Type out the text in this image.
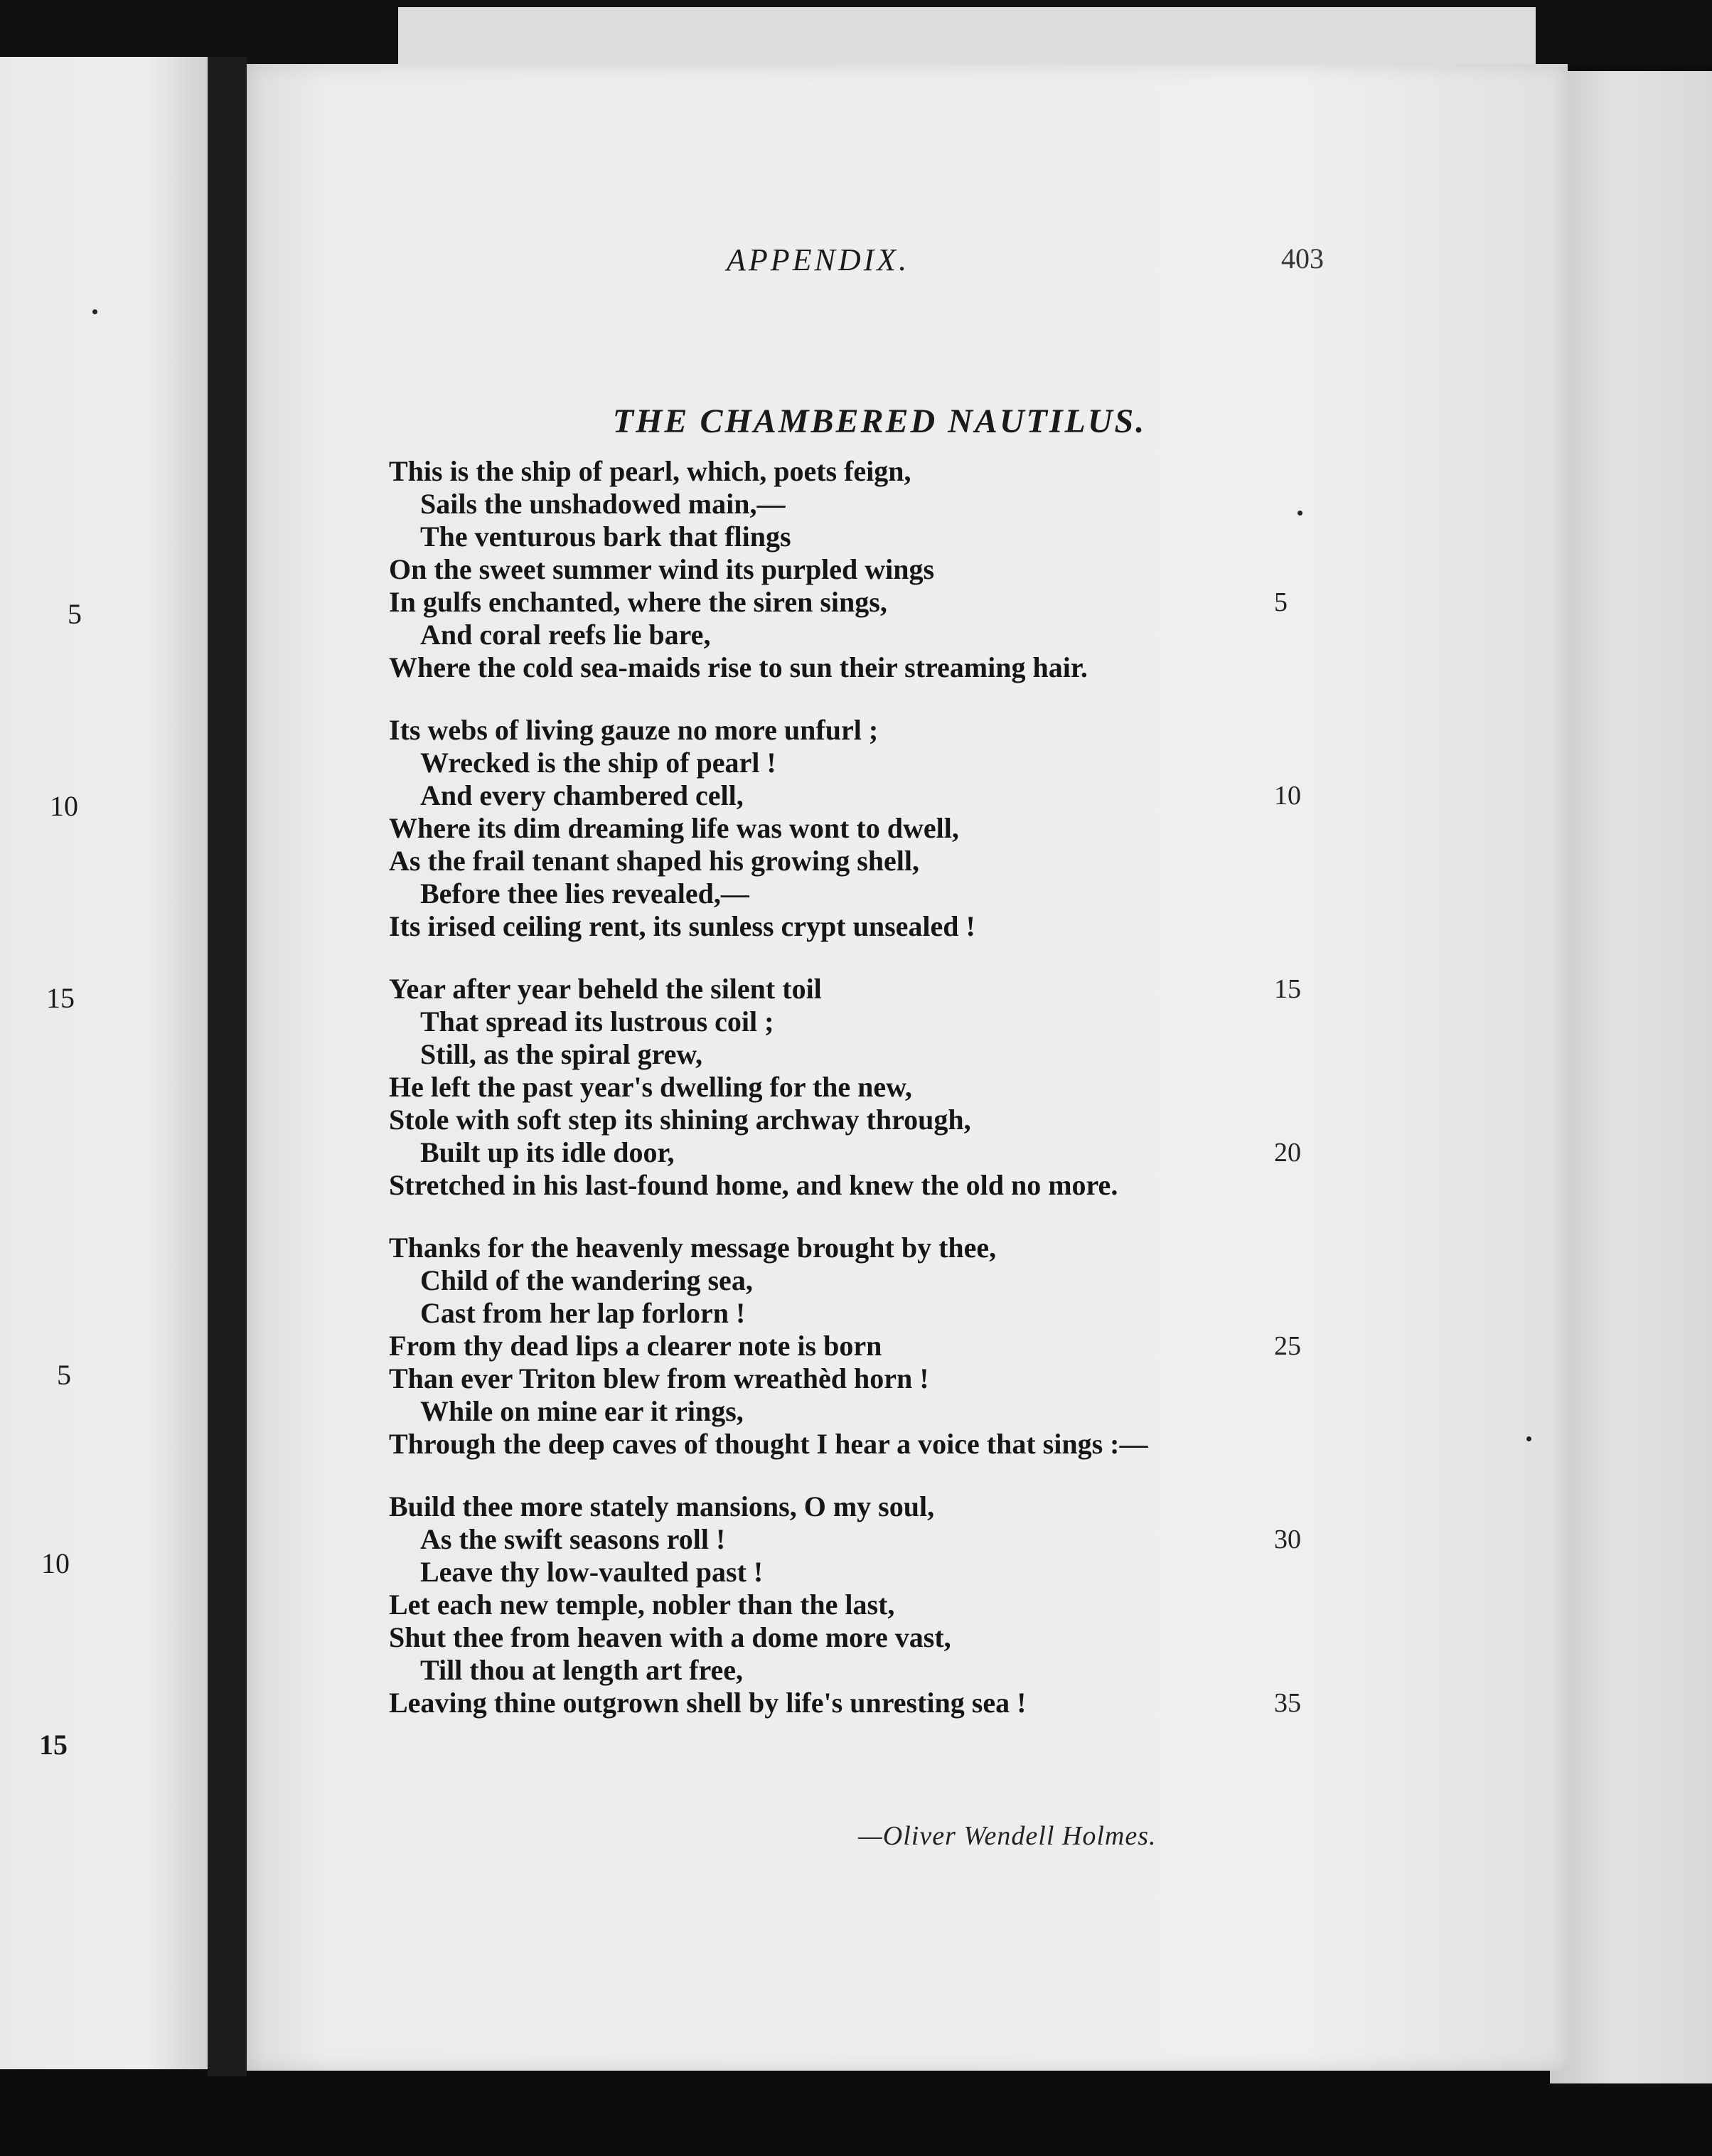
5
10
15
5
10
15
APPENDIX.	403
THE CHAMBERED NAUTILUS.
This is the ship of pearl, which, poets feign,
Sails the unshadowed main,—
The venturous bark that flings
On the sweet summer wind its purpled wings
In gulfs enchanted, where the siren sings,	5
And coral reefs lie bare,
Where the cold sea-maids rise to sun their streaming hair.
Its webs of living gauze no more unfurl ;
Wrecked is the ship of pearl !
And every chambered cell,	10
Where its dim dreaming life was wont to dwell,
As the frail tenant shaped his growing shell,
Before thee lies revealed,—
Its irised ceiling rent, its sunless crypt unsealed !
Year after year beheld the silent toil	15
That spread its lustrous coil ;
Still, as the spiral grew,
He left the past year's dwelling for the new,
Stole with soft step its shining archway through,
Built up its idle door,	20
Stretched in his last-found home, and knew the old no more.
Thanks for the heavenly message brought by thee,
Child of the wandering sea,
Cast from her lap forlorn !
From thy dead lips a clearer note is born	25
Than ever Triton blew from wreathèd horn !
While on mine ear it rings,
Through the deep caves of thought I hear a voice that sings :—
Build thee more stately mansions, O my soul,
As the swift seasons roll !	30
Leave thy low-vaulted past !
Let each new temple, nobler than the last,
Shut thee from heaven with a dome more vast,
Till thou at length art free,
Leaving thine outgrown shell by life's unresting sea !	35
—Oliver Wendell Holmes.
